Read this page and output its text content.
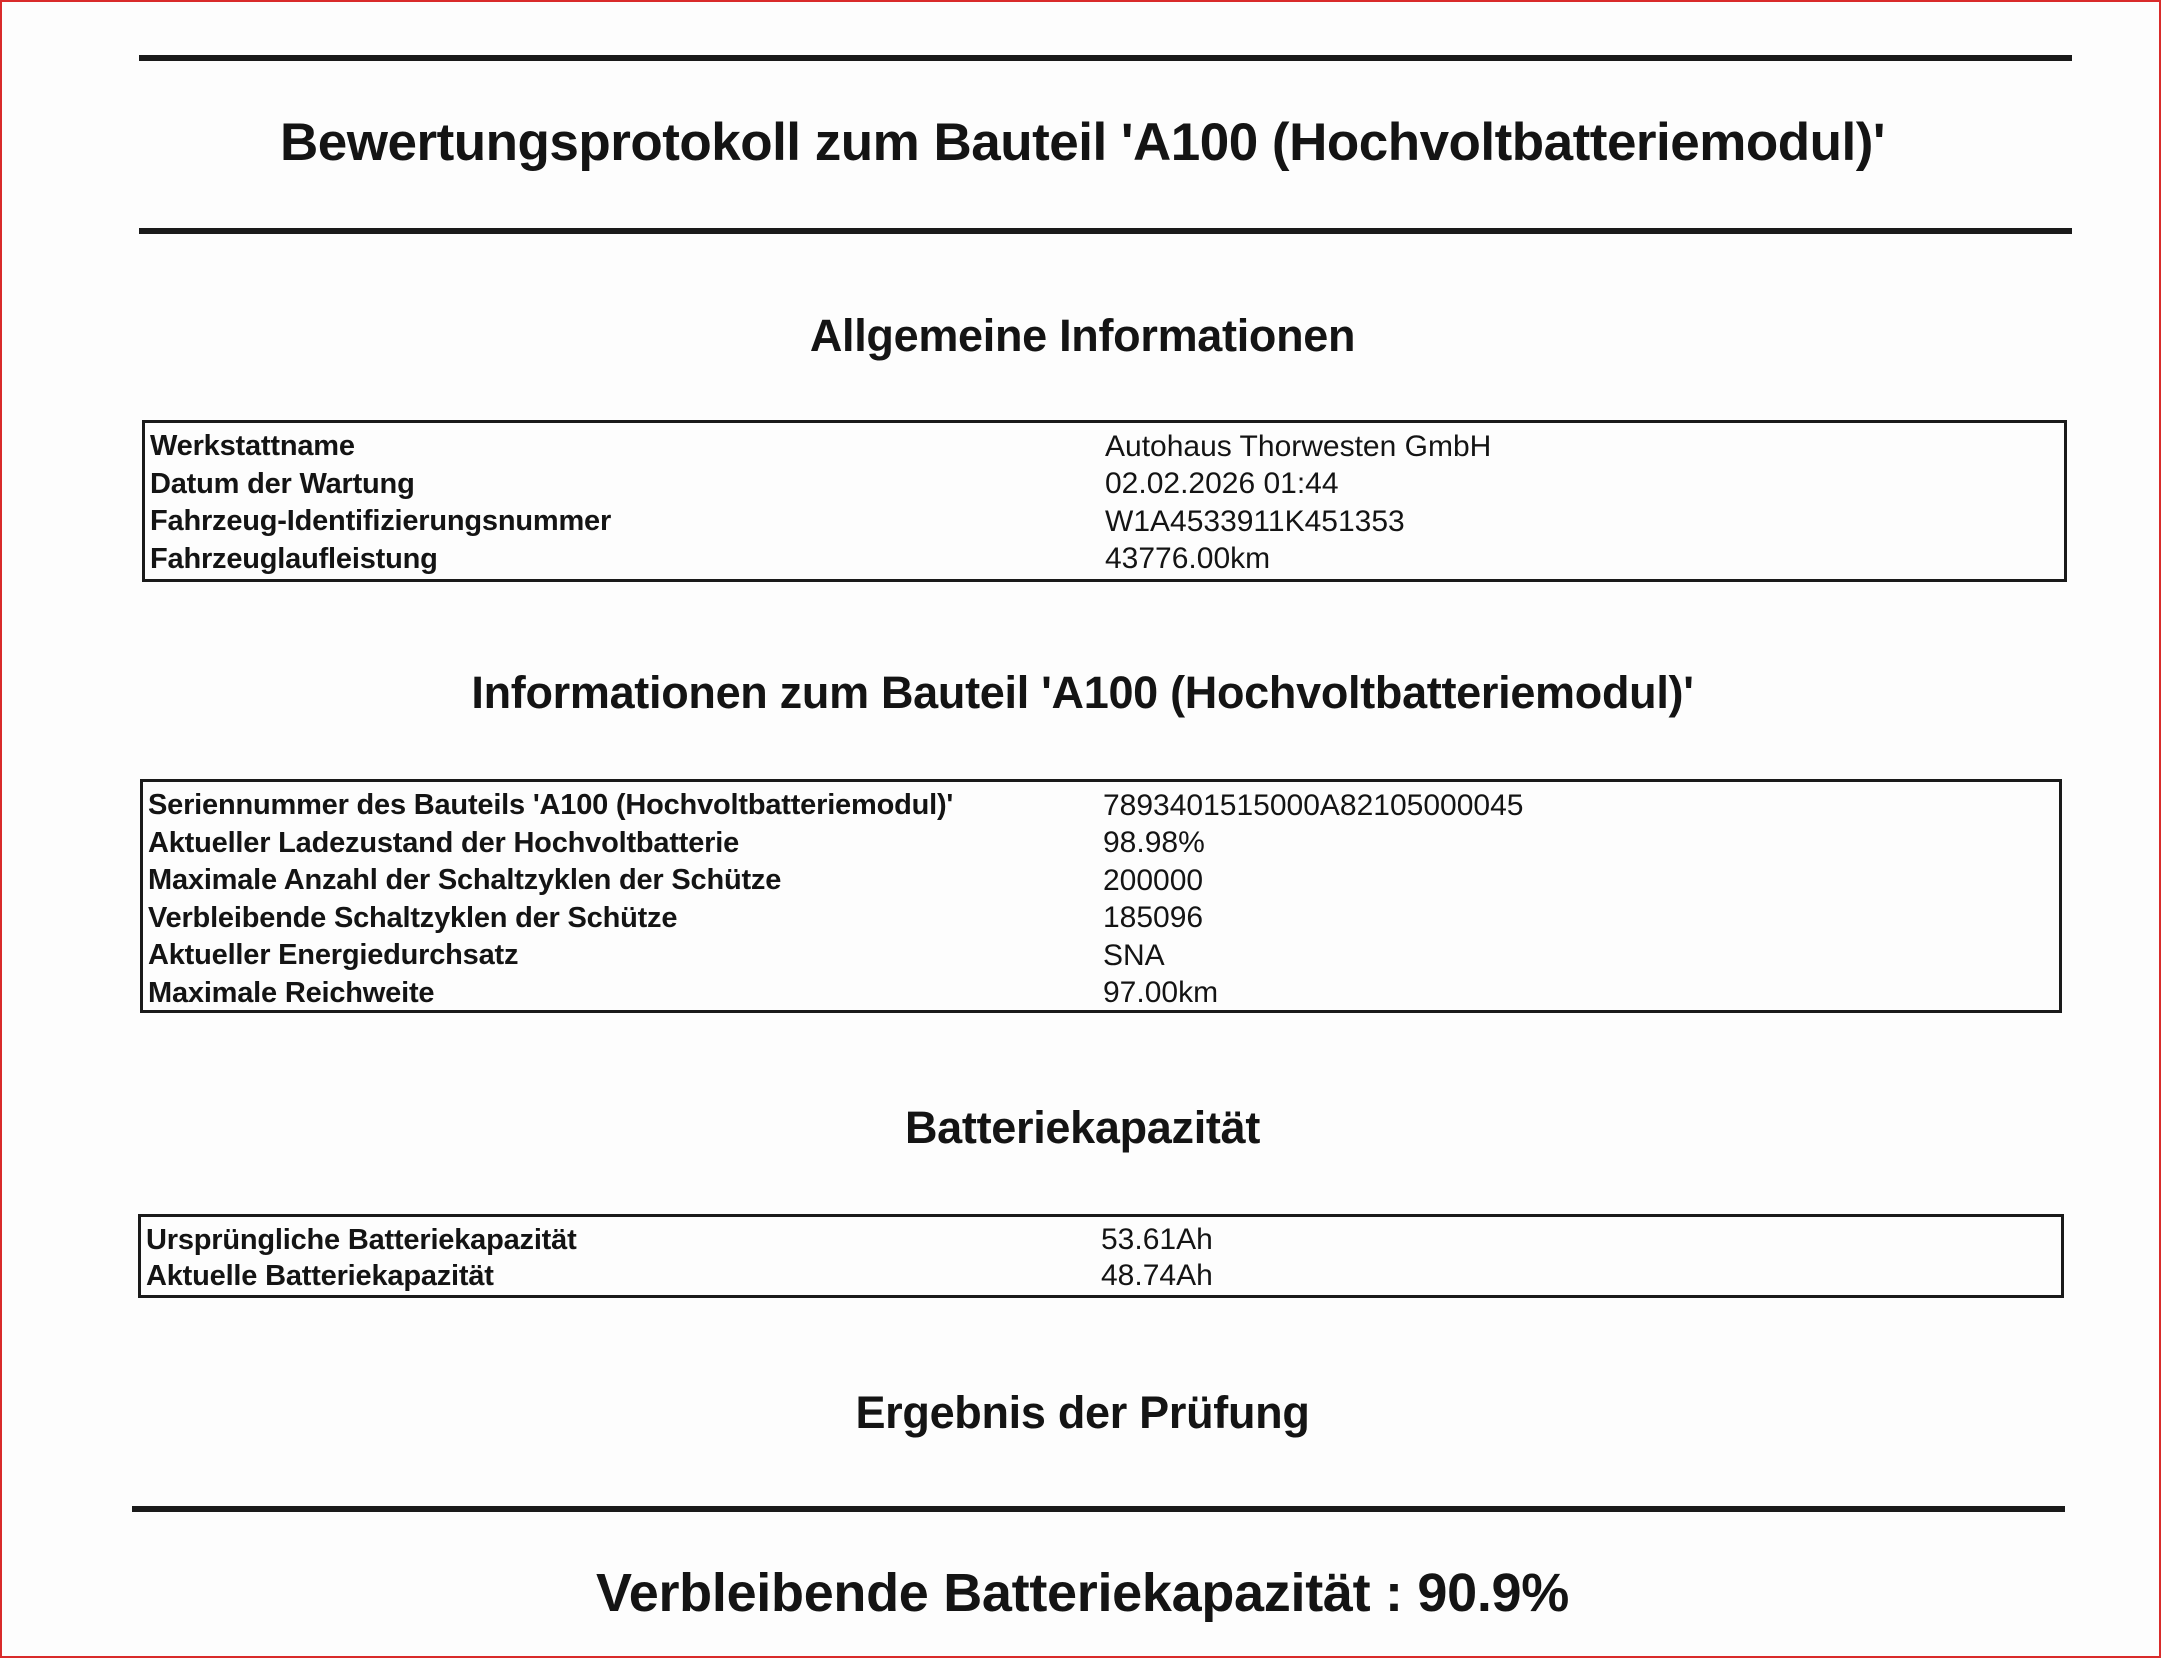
Bewertungsprotokoll zum Bauteil 'A100 (Hochvoltbatteriemodul)'
Allgemeine Informationen
Werkstattname	Autohaus Thorwesten GmbH
Datum der Wartung	02.02.2026 01:44
Fahrzeug-Identifizierungsnummer	W1A4533911K451353
Fahrzeuglaufleistung	43776.00km
Informationen zum Bauteil 'A100 (Hochvoltbatteriemodul)'
Seriennummer des Bauteils 'A100 (Hochvoltbatteriemodul)'	7893401515000A82105000045
Aktueller Ladezustand der Hochvoltbatterie	98.98%
Maximale Anzahl der Schaltzyklen der Schütze	200000
Verbleibende Schaltzyklen der Schütze	185096
Aktueller Energiedurchsatz	SNA
Maximale Reichweite	97.00km
Batteriekapazität
Ursprüngliche Batteriekapazität	53.61Ah
Aktuelle Batteriekapazität	48.74Ah
Ergebnis der Prüfung
Verbleibende Batteriekapazität : 90.9%
